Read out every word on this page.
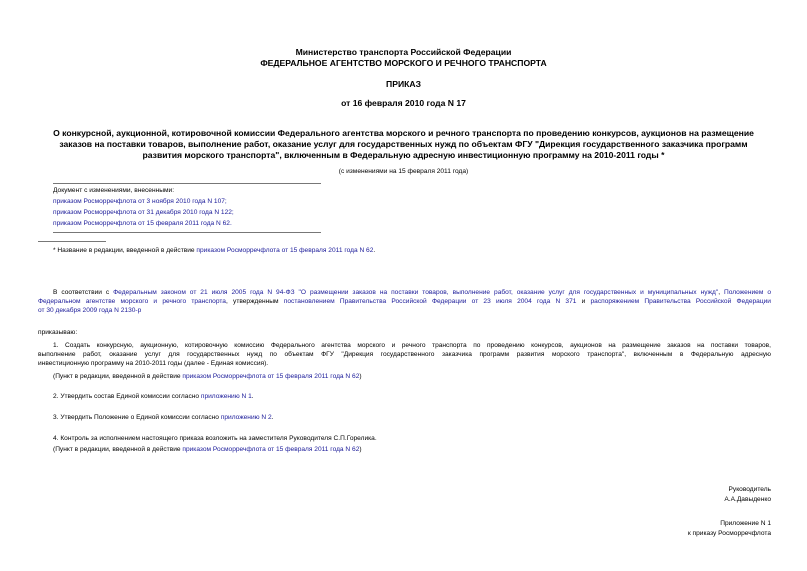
Министерство транспорта Российской Федерации
ФЕДЕРАЛЬНОЕ АГЕНТСТВО МОРСКОГО И РЕЧНОГО ТРАНСПОРТА
ПРИКАЗ
от 16 февраля 2010 года N 17
О конкурсной, аукционной, котировочной комиссии Федерального агентства морского и речного транспорта по проведению конкурсов, аукционов на размещение
заказов на поставки товаров, выполнение работ, оказание услуг для государственных нужд по объектам ФГУ "Дирекция государственного заказчика программ
развития морского транспорта", включенным в Федеральную адресную инвестиционную программу на 2010-2011 годы *
(с изменениями на 15 февраля 2011 года)
Документ с изменениями, внесенными:
приказом Росморречфлота от 3 ноября 2010 года N 107;
приказом Росморречфлота от 31 декабря 2010 года N 122;
приказом Росморречфлота от 15 февраля 2011 года N 62.
* Название в редакции, введенной в действие приказом Росморречфлота от 15 февраля 2011 года N 62.
В соответствии с Федеральным законом от 21 июля 2005 года N 94-ФЗ "О размещении заказов на поставки товаров, выполнение работ, оказание услуг для государственных и муниципальных нужд", Положением о
Федеральном агентстве морского и речного транспорта, утвержденным постановлением Правительства Российской Федерации от 23 июля 2004 года N 371 и распоряжением Правительства Российской Федерации
от 30 декабря 2009 года N 2130-р
приказываю:
1. Создать конкурсную, аукционную, котировочную комиссию Федерального агентства морского и речного транспорта по проведению конкурсов, аукционов на размещение заказов на поставки товаров,
выполнение работ, оказание услуг для государственных нужд по объектам ФГУ "Дирекция государственного заказчика программ развития морского транспорта", включенным в Федеральную адресную
инвестиционную программу на 2010-2011 годы (далее - Единая комиссия).
(Пункт в редакции, введенной в действие приказом Росморречфлота от 15 февраля 2011 года N 62)
2. Утвердить состав Единой комиссии согласно приложению N 1.
3. Утвердить Положение о Единой комиссии согласно приложению N 2.
4. Контроль за исполнением настоящего приказа возложить на заместителя Руководителя С.П.Горелика.
(Пункт в редакции, введенной в действие приказом Росморречфлота от 15 февраля 2011 года N 62)
Руководитель
А.А.Давыденко
Приложение N 1
к приказу Росморречфлота
